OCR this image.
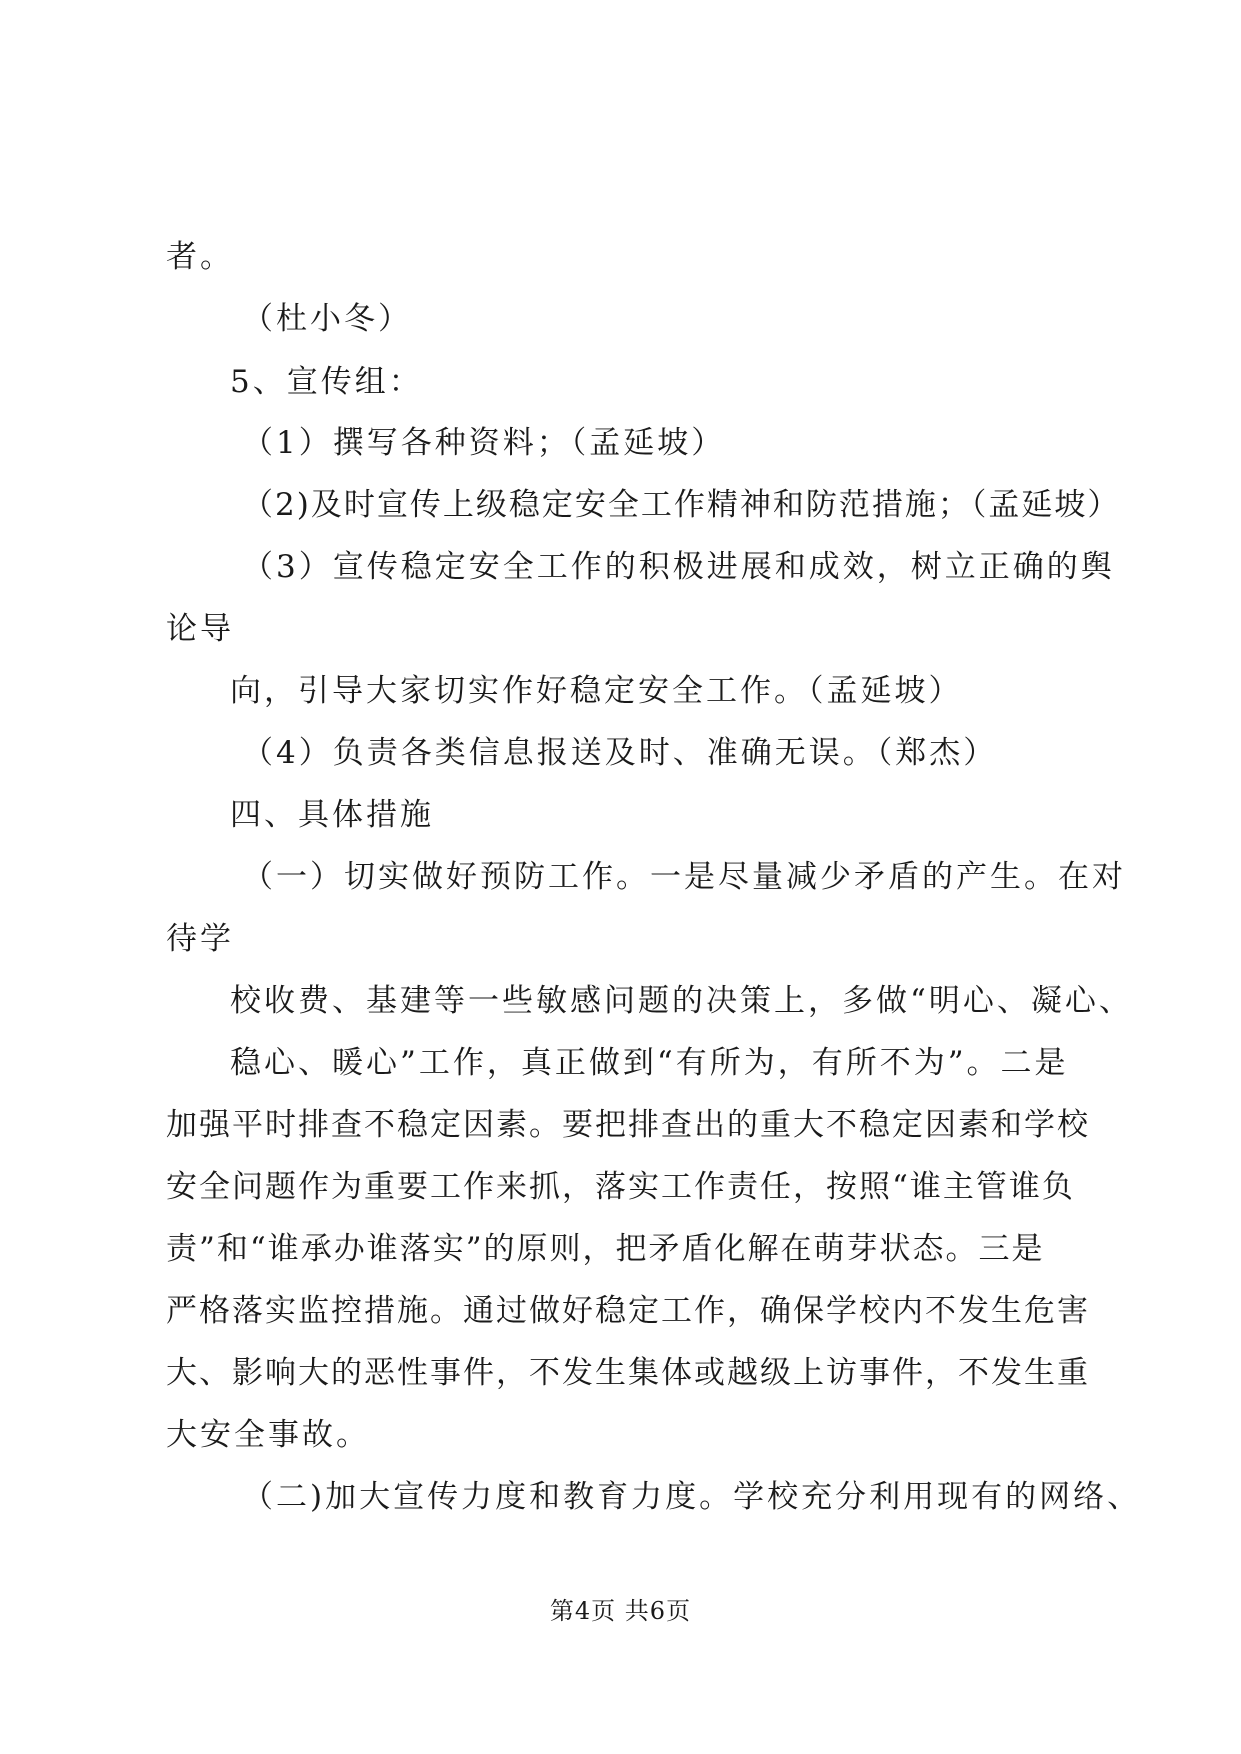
者。
（杜小冬）
5、宣传组：
（1）撰写各种资料；（孟延坡）
（2)及时宣传上级稳定安全工作精神和防范措施；（孟延坡）
（3）宣传稳定安全工作的积极进展和成效，树立正确的舆
论导
向，引导大家切实作好稳定安全工作。（孟延坡）
（4）负责各类信息报送及时、准确无误。（郑杰）
四、具体措施
（一）切实做好预防工作。一是尽量减少矛盾的产生。在对
待学
校收费、基建等一些敏感问题的决策上，多做“明心、凝心、
稳心、暖心”工作，真正做到“有所为，有所不为”。二是
加强平时排查不稳定因素。要把排查出的重大不稳定因素和学校
安全问题作为重要工作来抓，落实工作责任，按照“谁主管谁负
责”和“谁承办谁落实”的原则，把矛盾化解在萌芽状态。三是
严格落实监控措施。通过做好稳定工作，确保学校内不发生危害
大、影响大的恶性事件，不发生集体或越级上访事件，不发生重
大安全事故。
（二)加大宣传力度和教育力度。学校充分利用现有的网络、
第4页 共6页
